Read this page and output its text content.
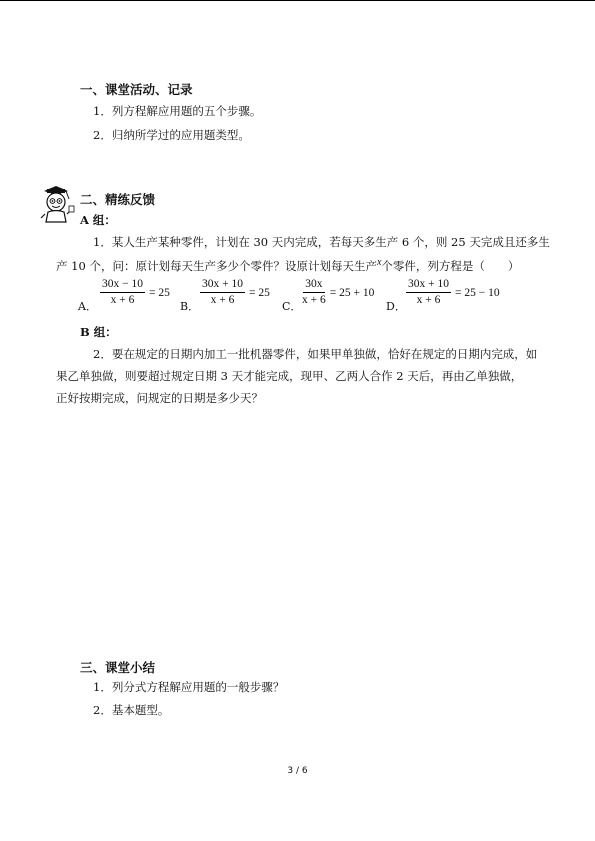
一、课堂活动、记录
1．列方程解应用题的五个步骤。
2．归纳所学过的应用题类型。
二、精练反馈
A 组：
1．某人生产某种零件，计划在 30 天内完成，若每天多生产 6 个，则 25 天完成且还多生
产 10 个，问：原计划每天生产多少个零件？设原计划每天生产$^x$个零件，列方程是（　　）
A． $\frac{30x - 10}{x + 6} = 25$
B． $\frac{30x + 10}{x + 6} = 25$
C． $\frac{30x}{x + 6} = 25 + 10$
D． $\frac{30x + 10}{x + 6} = 25 - 10$
B 组：
2．要在规定的日期内加工一批机器零件，如果甲单独做，恰好在规定的日期内完成，如
果乙单独做，则要超过规定日期 3 天才能完成，现甲、乙两人合作 2 天后，再由乙单独做，
正好按期完成，问规定的日期是多少天？
三、课堂小结
1．列分式方程解应用题的一般步骤？
2．基本题型。
3 / 6
